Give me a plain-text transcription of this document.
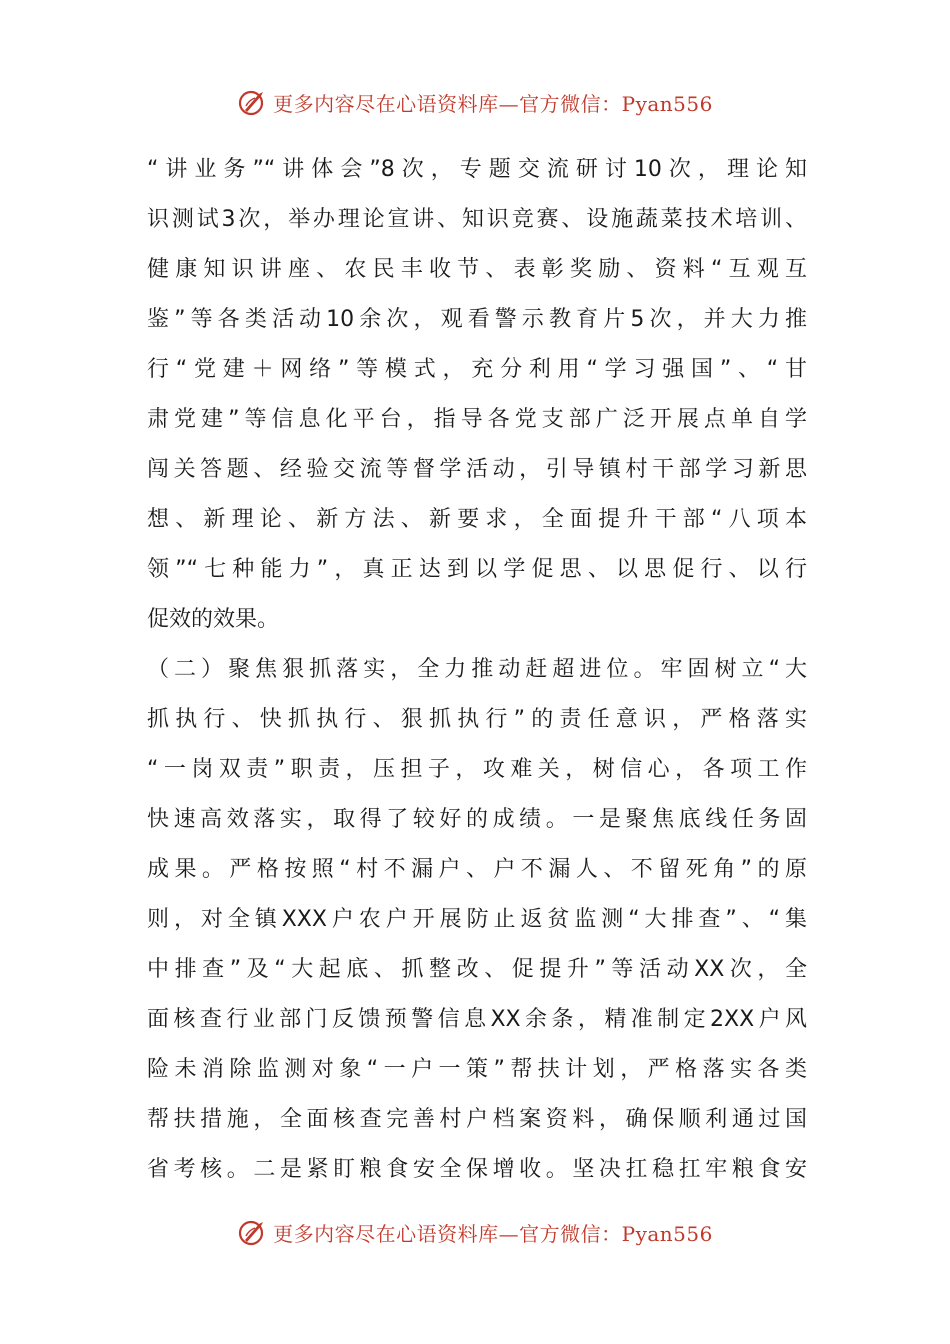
更多内容尽在心语资料库—官方微信：Pyan556
“讲业务”“讲体会”8次，专题交流研讨10次，理论知
识测试3次，举办理论宣讲、知识竞赛、设施蔬菜技术培训、
健康知识讲座、农民丰收节、表彰奖励、资料“互观互
鉴”等各类活动10余次，观看警示教育片5次，并大力推
行“党建＋网络”等模式，充分利用“学习强国”、“甘
肃党建”等信息化平台，指导各党支部广泛开展点单自学
闯关答题、经验交流等督学活动，引导镇村干部学习新思
想、新理论、新方法、新要求，全面提升干部“八项本
领”“七种能力”，真正达到以学促思、以思促行、以行
促效的效果。
（二）聚焦狠抓落实，全力推动赶超进位。牢固树立“大
抓执行、快抓执行、狠抓执行”的责任意识，严格落实
“一岗双责”职责，压担子，攻难关，树信心，各项工作
快速高效落实，取得了较好的成绩。一是聚焦底线任务固
成果。严格按照“村不漏户、户不漏人、不留死角”的原
则，对全镇XXX户农户开展防止返贫监测“大排查”、“集
中排查”及“大起底、抓整改、促提升”等活动XX次，全
面核查行业部门反馈预警信息XX余条，精准制定2XX户风
险未消除监测对象“一户一策”帮扶计划，严格落实各类
帮扶措施，全面核查完善村户档案资料，确保顺利通过国
省考核。二是紧盯粮食安全保增收。坚决扛稳扛牢粮食安
更多内容尽在心语资料库—官方微信：Pyan556
